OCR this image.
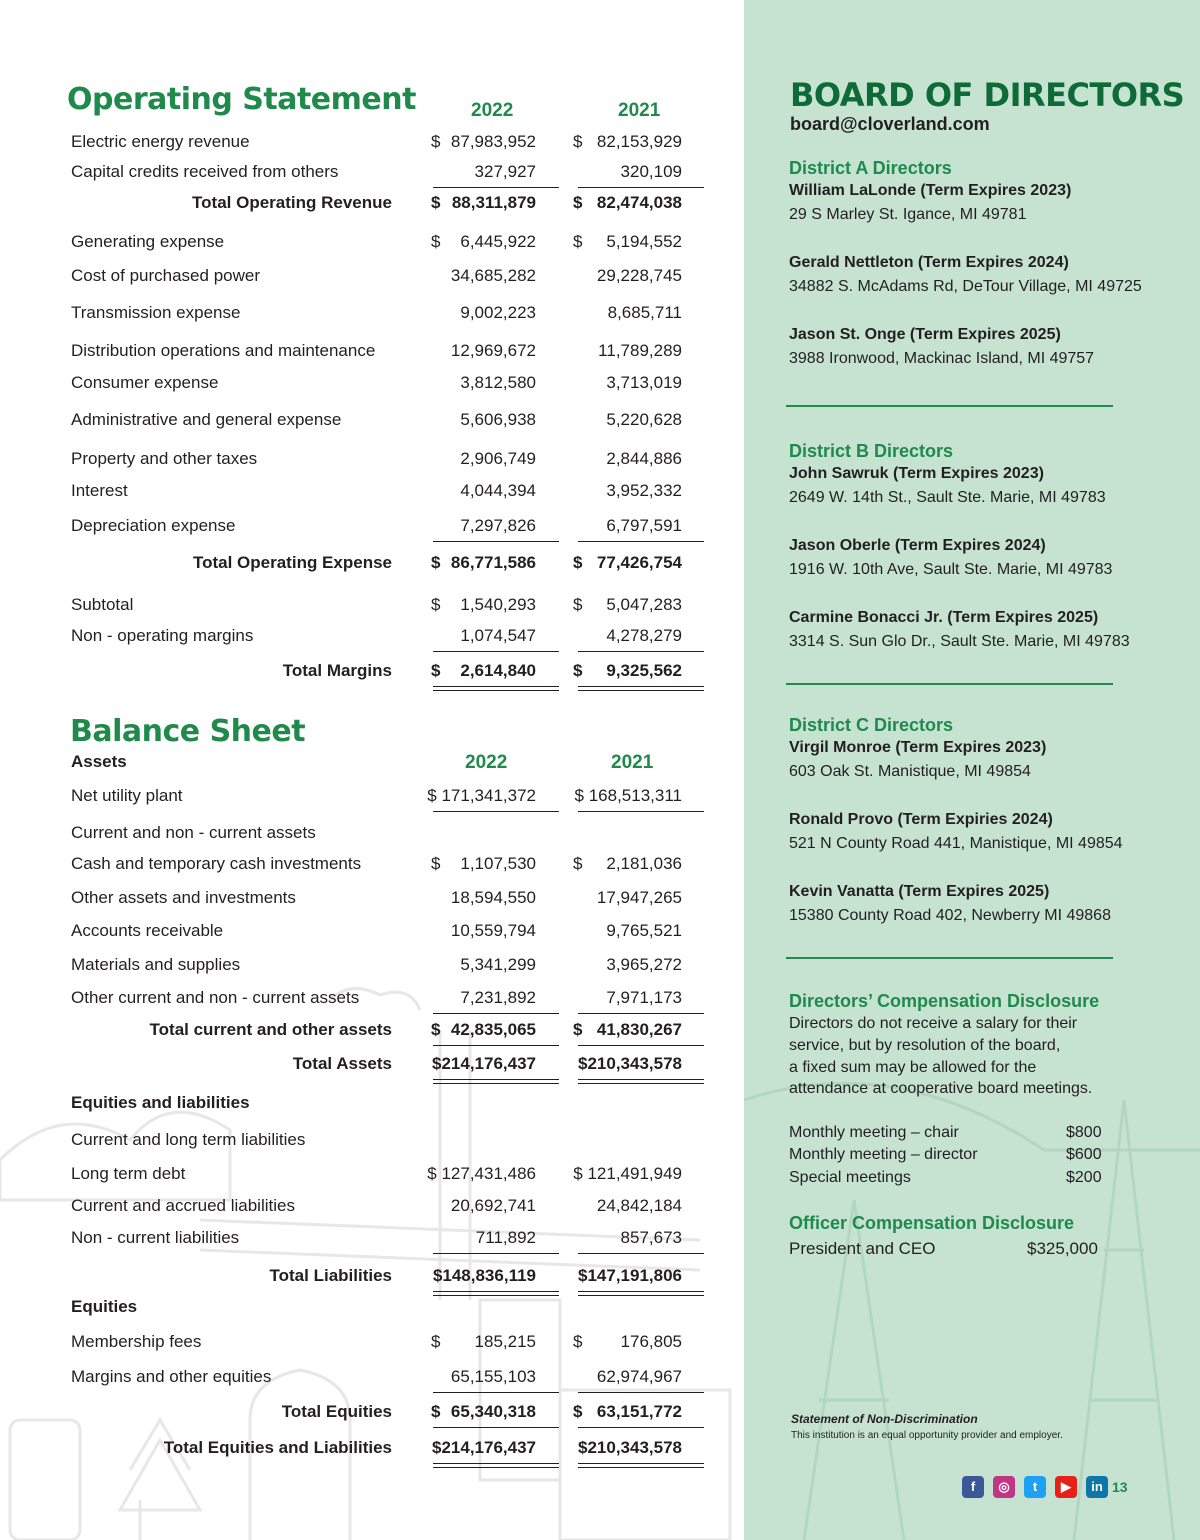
Operating Statement	2022	2021
Electric energy revenue	$ 87,983,952 $ 82,153,929
Capital credits received from others	327,927	320,109
Total Operating Revenue $ 88,311,879 $ 82,474,038
Generating expense	$ 6,445,922 $ 5,194,552
Cost of purchased power	34,685,282	29,228,745
Transmission expense	9,002,223	8,685,711
Distribution operations and maintenance	12,969,672	11,789,289
Consumer expense	3,812,580	3,713,019
Administrative and general expense	5,606,938	5,220,628
Property and other taxes	2,906,749	2,844,886
Interest	4,044,394	3,952,332
Depreciation expense	7,297,826	6,797,591
Total Operating Expense $ 86,771,586 $ 77,426,754
Subtotal	$ 1,540,293 $ 5,047,283
Non - operating margins	1,074,547	4,278,279
Total Margins $ 2,614,840 $ 9,325,562
Balance Sheet
Assets	2022	2021
Current and non - current assets
Equities and liabilities
Current and long term liabilities
Equities
Net utility plant	$ 171,341,372 $ 168,513,311
Cash and temporary cash investments	$ 1,107,530 $ 2,181,036
Other assets and investments	18,594,550	17,947,265
Accounts receivable	10,559,794	9,765,521
Materials and supplies	5,341,299	3,965,272
Other current and non - current assets	7,231,892	7,971,173
Total current and other assets $ 42,835,065 $ 41,830,267
Total Assets $214,176,437 $210,343,578
Long term debt	$ 127,431,486 $ 121,491,949
Current and accrued liabilities	20,692,741	24,842,184
Non - current liabilities	711,892	857,673
Total Liabilities $148,836,119 $147,191,806
Membership fees	$ 185,215 $ 176,805
Margins and other equities	65,155,103	62,974,967
Total Equities $ 65,340,318 $ 63,151,772
Total Equities and Liabilities $214,176,437 $210,343,578
BOARD OF DIRECTORS
board@cloverland.com
District A Directors
William LaLonde (Term Expires 2023)
29 S Marley St. Igance, MI 49781
Gerald Nettleton (Term Expires 2024)
34882 S. McAdams Rd, DeTour Village, MI 49725
Jason St. Onge (Term Expires 2025)
3988 Ironwood, Mackinac Island, MI 49757
District B Directors
John Sawruk (Term Expires 2023)
2649 W. 14th St., Sault Ste. Marie, MI 49783
Jason Oberle (Term Expires 2024)
1916 W. 10th Ave, Sault Ste. Marie, MI 49783
Carmine Bonacci Jr. (Term Expires 2025)
3314 S. Sun Glo Dr., Sault Ste. Marie, MI 49783
District C Directors
Virgil Monroe (Term Expires 2023)
603 Oak St. Manistique, MI 49854
Ronald Provo (Term Expiries 2024)
521 N County Road 441, Manistique, MI 49854
Kevin Vanatta (Term Expires 2025)
15380 County Road 402, Newberry MI 49868
Directors’ Compensation Disclosure
Directors do not receive a salary for their
service, but by resolution of the board,
a fixed sum may be allowed for the
attendance at cooperative board meetings.
Monthly meeting – chair	$800
Monthly meeting – director	$600
Special meetings	$200
Officer Compensation Disclosure
President and CEO	$325,000
Statement of Non-Discrimination
This institution is an equal opportunity provider and employer.
f	◎	t	▶	in 13
